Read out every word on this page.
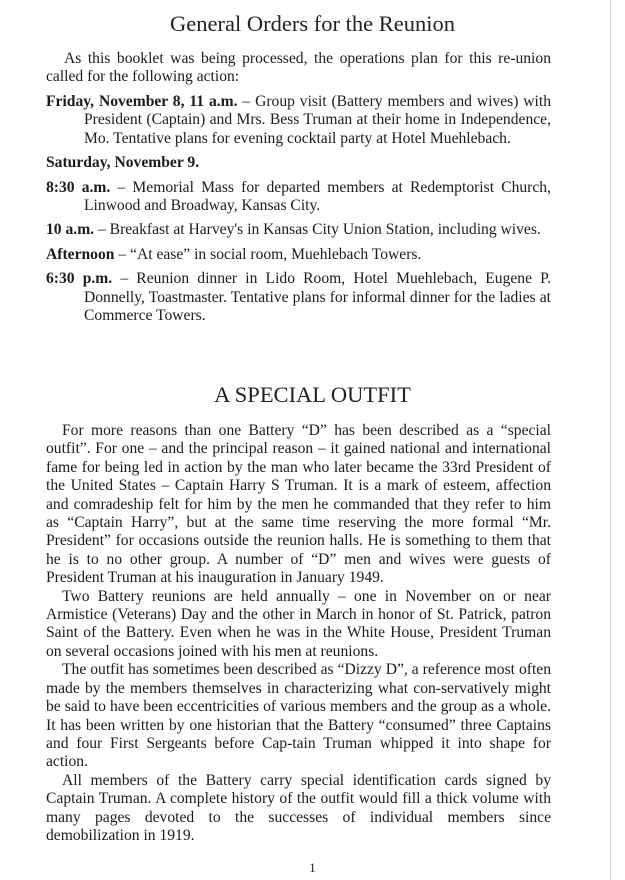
General Orders for the Reunion
As this booklet was being processed, the operations plan for this re-union called for the following action:
Friday, November 8, 11 a.m. – Group visit (Battery members and wives) with President (Captain) and Mrs. Bess Truman at their home in Independence, Mo. Tentative plans for evening cocktail party at Hotel Muehlebach.
Saturday, November 9.
8:30 a.m. – Memorial Mass for departed members at Redemptorist Church, Linwood and Broadway, Kansas City.
10 a.m. – Breakfast at Harvey's in Kansas City Union Station, including wives.
Afternoon – “At ease” in social room, Muehlebach Towers.
6:30 p.m. – Reunion dinner in Lido Room, Hotel Muehlebach, Eugene P. Donnelly, Toastmaster. Tentative plans for informal dinner for the ladies at Commerce Towers.
A SPECIAL OUTFIT

For more reasons than one Battery “D” has been described as a “special outfit”. For one – and the principal reason – it gained national and international fame for being led in action by the man who later became the 33rd President of the United States – Captain Harry S Truman. It is a mark of esteem, affection and comradeship felt for him by the men he commanded that they refer to him as “Captain Harry”, but at the same time reserving the more formal “Mr. President” for occasions outside the reunion halls. He is something to them that he is to no other group. A number of “D” men and wives were guests of President Truman at his inauguration in January 1949.

Two Battery reunions are held annually – one in November on or near Armistice (Veterans) Day and the other in March in honor of St. Patrick, patron Saint of the Battery. Even when he was in the White House, President Truman on several occasions joined with his men at reunions.

The outfit has sometimes been described as “Dizzy D”, a reference most often made by the members themselves in characterizing what con-servatively might be said to have been eccentricities of various members and the group as a whole. It has been written by one historian that the Battery “consumed” three Captains and four First Sergeants before Cap-tain Truman whipped it into shape for action.

All members of the Battery carry special identification cards signed by Captain Truman. A complete history of the outfit would fill a thick volume with many pages devoted to the successes of individual members since demobilization in 1919.

1
